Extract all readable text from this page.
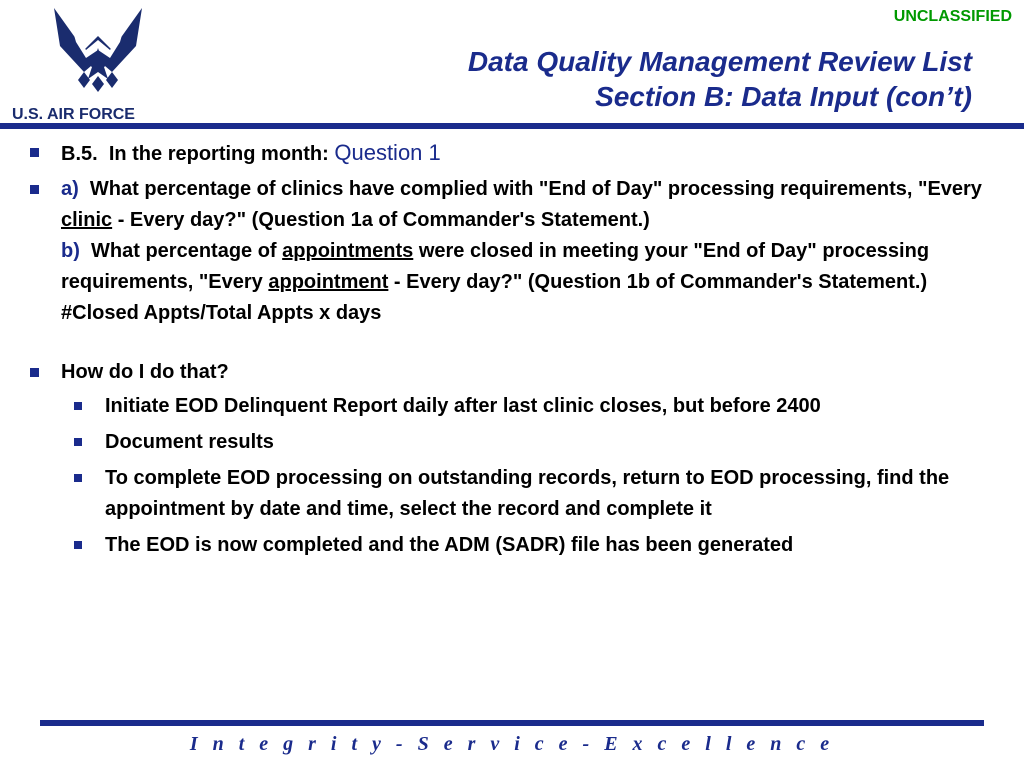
UNCLASSIFIED
U.S. AIR FORCE
Data Quality Management Review List
Section B: Data Input (con’t)
B.5. In the reporting month: Question 1
a) What percentage of clinics have complied with "End of Day" processing requirements, "Every clinic - Every day?" (Question 1a of Commander's Statement.)
b) What percentage of appointments were closed in meeting your "End of Day" processing requirements, "Every appointment - Every day?" (Question 1b of Commander's Statement.) #Closed Appts/Total Appts x days
How do I do that?
Initiate EOD Delinquent Report daily after last clinic closes, but before 2400
Document results
To complete EOD processing on outstanding records, return to EOD processing, find the appointment by date and time, select the record and complete it
The EOD is now completed and the ADM (SADR) file has been generated
I n t e g r i t y - S e r v i c e - E x c e l l e n c e
